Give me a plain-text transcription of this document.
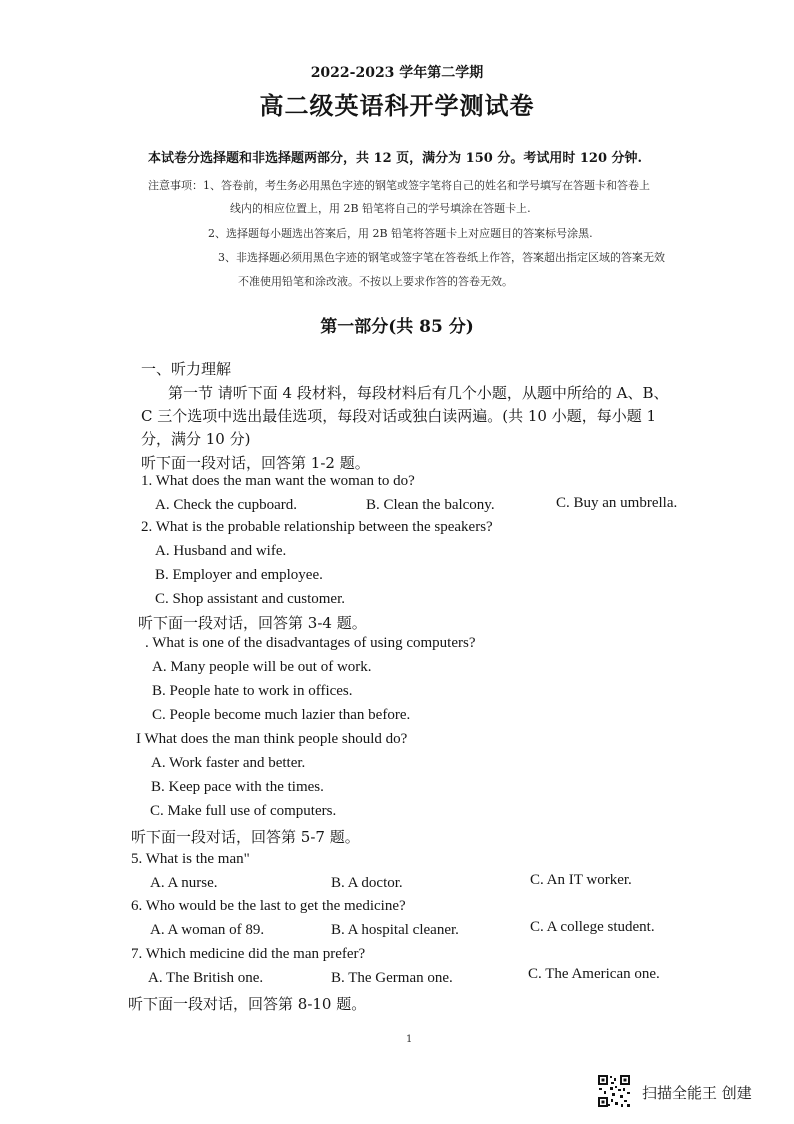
2022-2023 学年第二学期
高二级英语科开学测试卷
本试卷分选择题和非选择题两部分，共 12 页，满分为 150 分。考试用时 120 分钟.
注意事项：1、答卷前，考生务必用黑色字迹的钢笔或签字笔将自己的姓名和学号填写在答题卡和答卷上
线内的相应位置上，用 2B 铅笔将自己的学号填涂在答题卡上.
2、选择题每小题选出答案后，用 2B 铅笔将答题卡上对应题目的答案标号涂黑.
3、非选择题必须用黑色字迹的钢笔或签字笔在答卷纸上作答，答案超出指定区域的答案无效
不准使用铅笔和涂改液。不按以上要求作答的答卷无效。
第一部分(共 85 分)
一、听力理解
第一节 请听下面 4 段材料，每段材料后有几个小题，从题中所给的 A、B、
C 三个选项中选出最佳选项，每段对话或独白读两遍。(共 10 小题，每小题 1
分，满分 10 分)
听下面一段对话，回答第 1-2 题。
1. What does the man want the woman to do?
A. Check the cupboard.	B. Clean the balcony.	C. Buy an umbrella.
2. What is the probable relationship between the speakers?
A. Husband and wife.
B. Employer and employee.
C. Shop assistant and customer.
听下面一段对话，回答第 3-4 题。
. What is one of the disadvantages of using computers?
A. Many people will be out of work.
B. People hate to work in offices.
C. People become much lazier than before.
I What does the man think people should do?
A. Work faster and better.
B. Keep pace with the times.
C. Make full use of computers.
听下面一段对话，回答第 5-7 题。
5. What is the man"
A. A nurse.	B. A doctor.	C. An IT worker.
6. Who would be the last to get the medicine?
A. A woman of 89.	B. A hospital cleaner.	C. A college student.
7. Which medicine did the man prefer?
A. The British one.	B. The German one.	C. The American one.
听下面一段对话，回答第 8-10 题。
1
扫描全能王 创建
